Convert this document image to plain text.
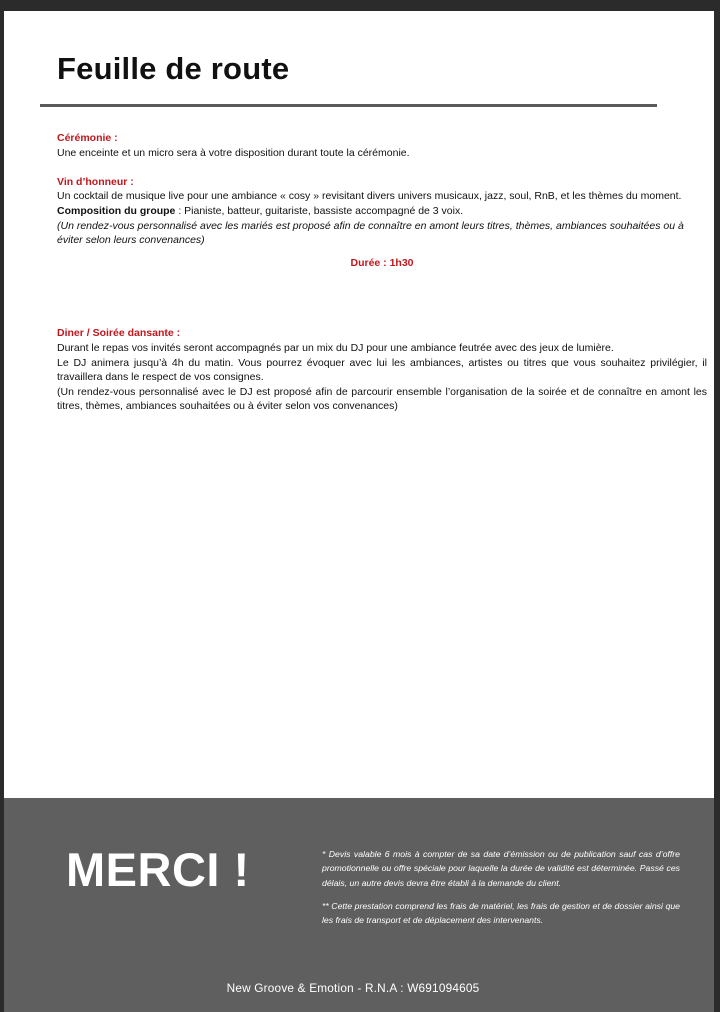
Feuille de route

Cérémonie :

Une enceinte et un micro sera à votre disposition durant toute la cérémonie.

Vin d’honneur :

Un cocktail de musique live pour une ambiance « cosy » revisitant divers univers musicaux, jazz, soul, RnB, et les thèmes du moment.

Composition du groupe : Pianiste, batteur, guitariste, bassiste accompagné de 3 voix.

(Un rendez-vous personnalisé avec les mariés est proposé afin de connaître en amont leurs titres, thèmes, ambiances souhaitées ou à éviter selon leurs convenances)

Durée : 1h30

Diner / Soirée dansante :

Durant le repas vos invités seront accompagnés par un mix du DJ pour une ambiance feutrée avec des jeux de lumière.

Le DJ animera jusqu’à 4h du matin. Vous pourrez évoquer avec lui les ambiances, artistes ou titres que vous souhaitez privilégier, il travaillera dans le respect de vos consignes.

(Un rendez-vous personnalisé avec le DJ est proposé afin de parcourir ensemble l’organisation de la soirée et de connaître en amont les titres, thèmes, ambiances souhaitées ou à éviter selon vos convenances)

MERCI !	* Devis valable 6 mois à compter de sa date d’émission ou de publication sauf cas d’offre promotionnelle ou offre spéciale pour laquelle la durée de validité est déterminée. Passé ces délais, un autre devis devra être établi à la demande du client.

** Cette prestation comprend les frais de matériel, les frais de gestion et de dossier ainsi que les frais de transport et de déplacement des intervenants.

New Groove & Emotion - R.N.A : W691094605
